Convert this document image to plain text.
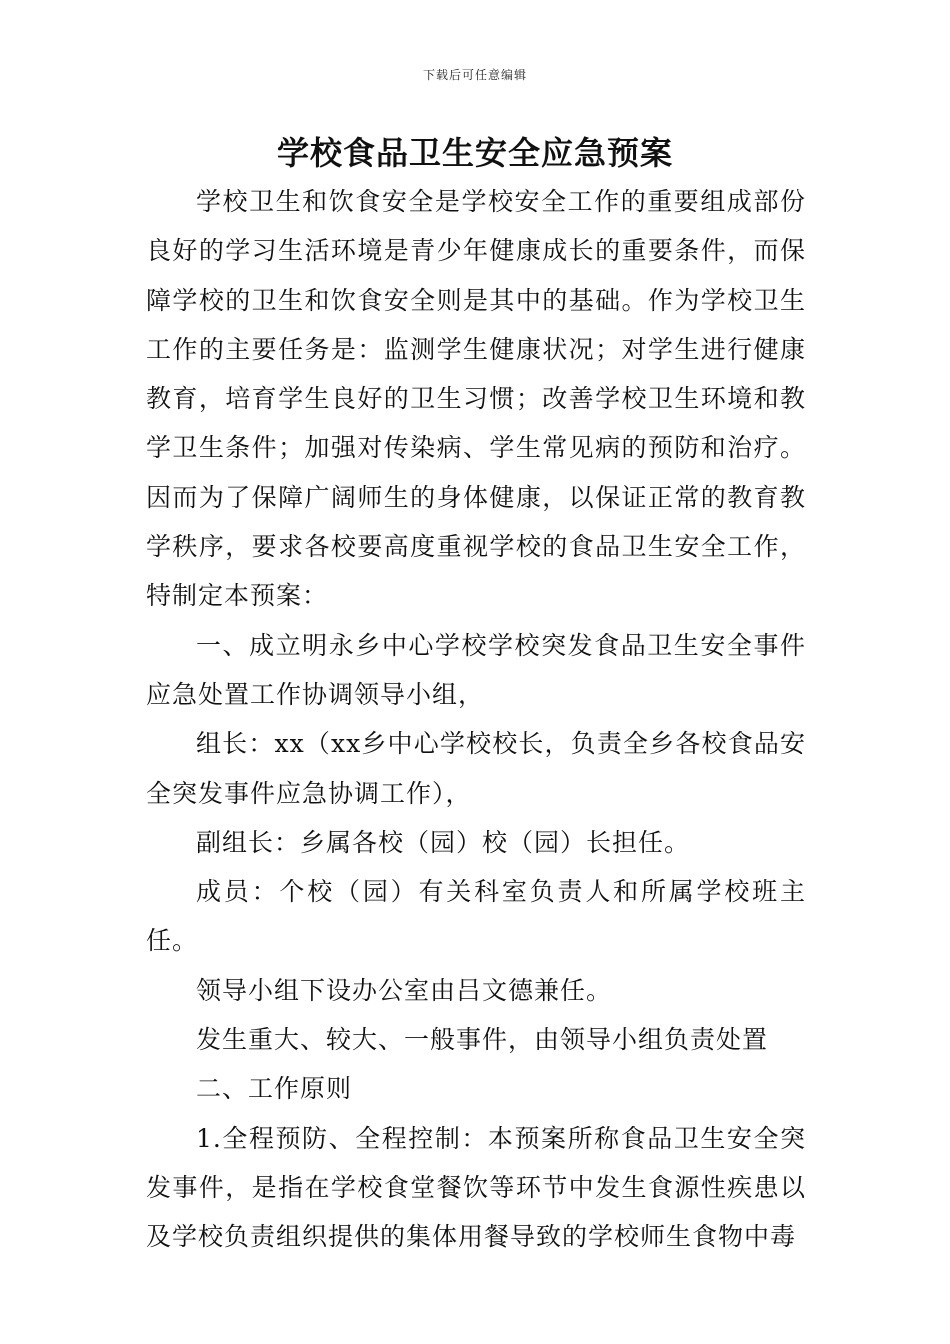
下载后可任意编辑
学校食品卫生安全应急预案

学校卫生和饮食安全是学校安全工作的重要组成部份良好的学习生活环境是青少年健康成长的重要条件，而保障学校的卫生和饮食安全则是其中的基础。作为学校卫生工作的主要任务是：监测学生健康状况；对学生进行健康教育，培育学生良好的卫生习惯；改善学校卫生环境和教学卫生条件；加强对传染病、学生常见病的预防和治疗。因而为了保障广阔师生的身体健康，以保证正常的教育教学秩序，要求各校要高度重视学校的食品卫生安全工作，特制定本预案：

一、成立明永乡中心学校学校突发食品卫生安全事件应急处置工作协调领导小组，

组长：xx（xx乡中心学校校长，负责全乡各校食品安全突发事件应急协调工作），

副组长：乡属各校（园）校（园）长担任。

成员：个校（园）有关科室负责人和所属学校班主任。

领导小组下设办公室由吕文德兼任。

发生重大、较大、一般事件，由领导小组负责处置

二、工作原则

1.全程预防、全程控制：本预案所称食品卫生安全突发事件，是指在学校食堂餐饮等环节中发生食源性疾患以及学校负责组织提供的集体用餐导致的学校师生食物中毒
